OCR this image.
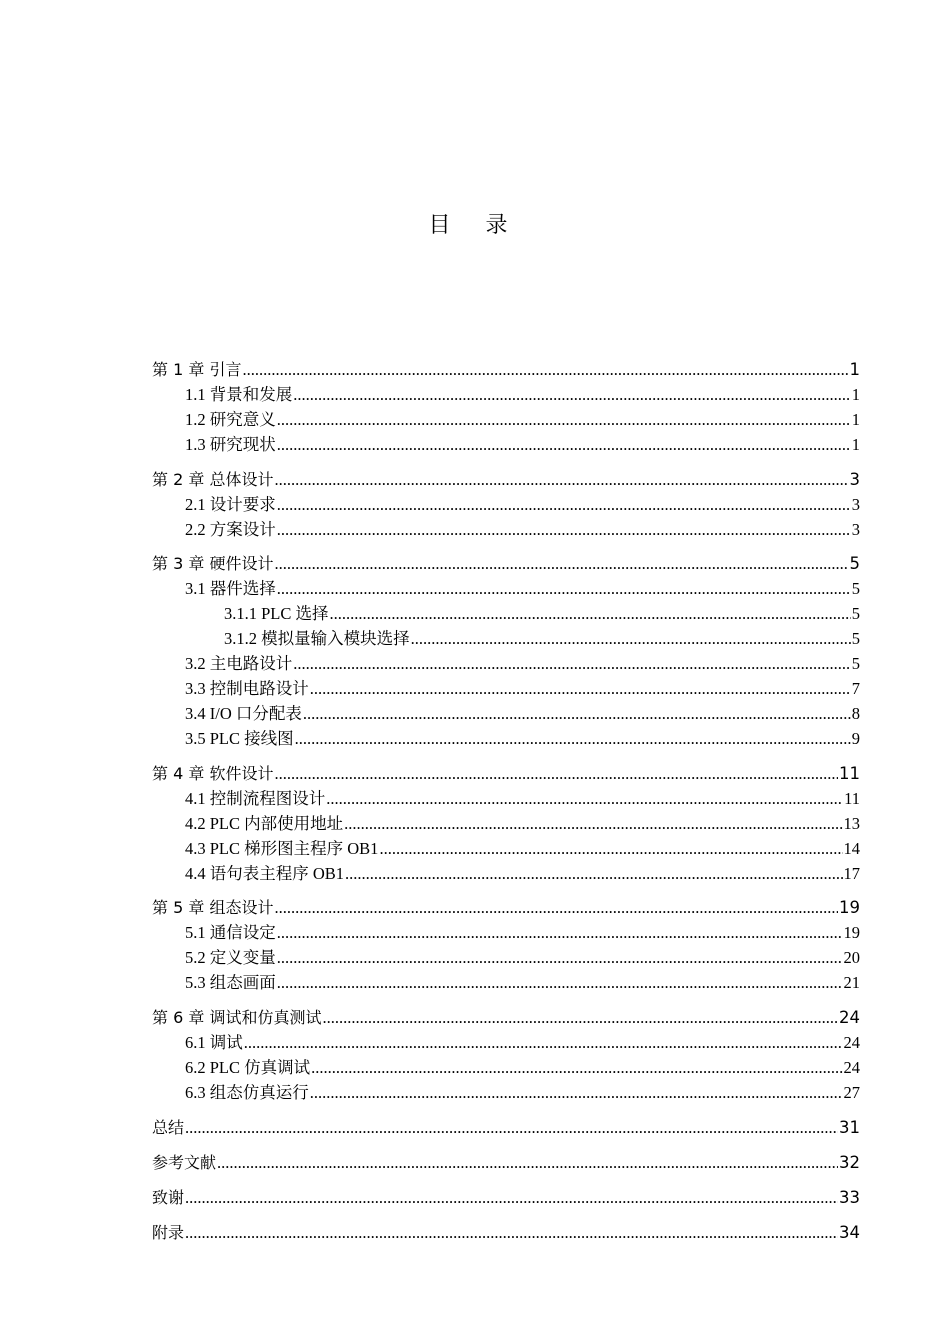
目 录
第 1 章 引言 .....	1
1.1 背景和发展 .....	1
1.2 研究意义 .....	1
1.3 研究现状 .....	1
第 2 章 总体设计 .....	3
2.1 设计要求 .....	3
2.2 方案设计 .....	3
第 3 章 硬件设计 .....	5
3.1 器件选择 .....	5
3.1.1 PLC 选择 .....	5
3.1.2 模拟量输入模块选择 .....	5
3.2 主电路设计 .....	5
3.3 控制电路设计 .....	7
3.4 I/O 口分配表 .....	8
3.5 PLC 接线图 .....	9
第 4 章 软件设计 .....	11
4.1 控制流程图设计 .....	11
4.2 PLC 内部使用地址 .....	13
4.3 PLC 梯形图主程序 OB1 .....	14
4.4 语句表主程序 OB1 .....	17
第 5 章 组态设计 .....	19
5.1 通信设定 .....	19
5.2 定义变量 .....	20
5.3 组态画面 .....	21
第 6 章 调试和仿真测试 .....	24
6.1 调试 .....	24
6.2 PLC 仿真调试 .....	24
6.3 组态仿真运行 .....	27
总结 .....	31
参考文献 .....	32
致谢 .....	33
附录 .....	34
